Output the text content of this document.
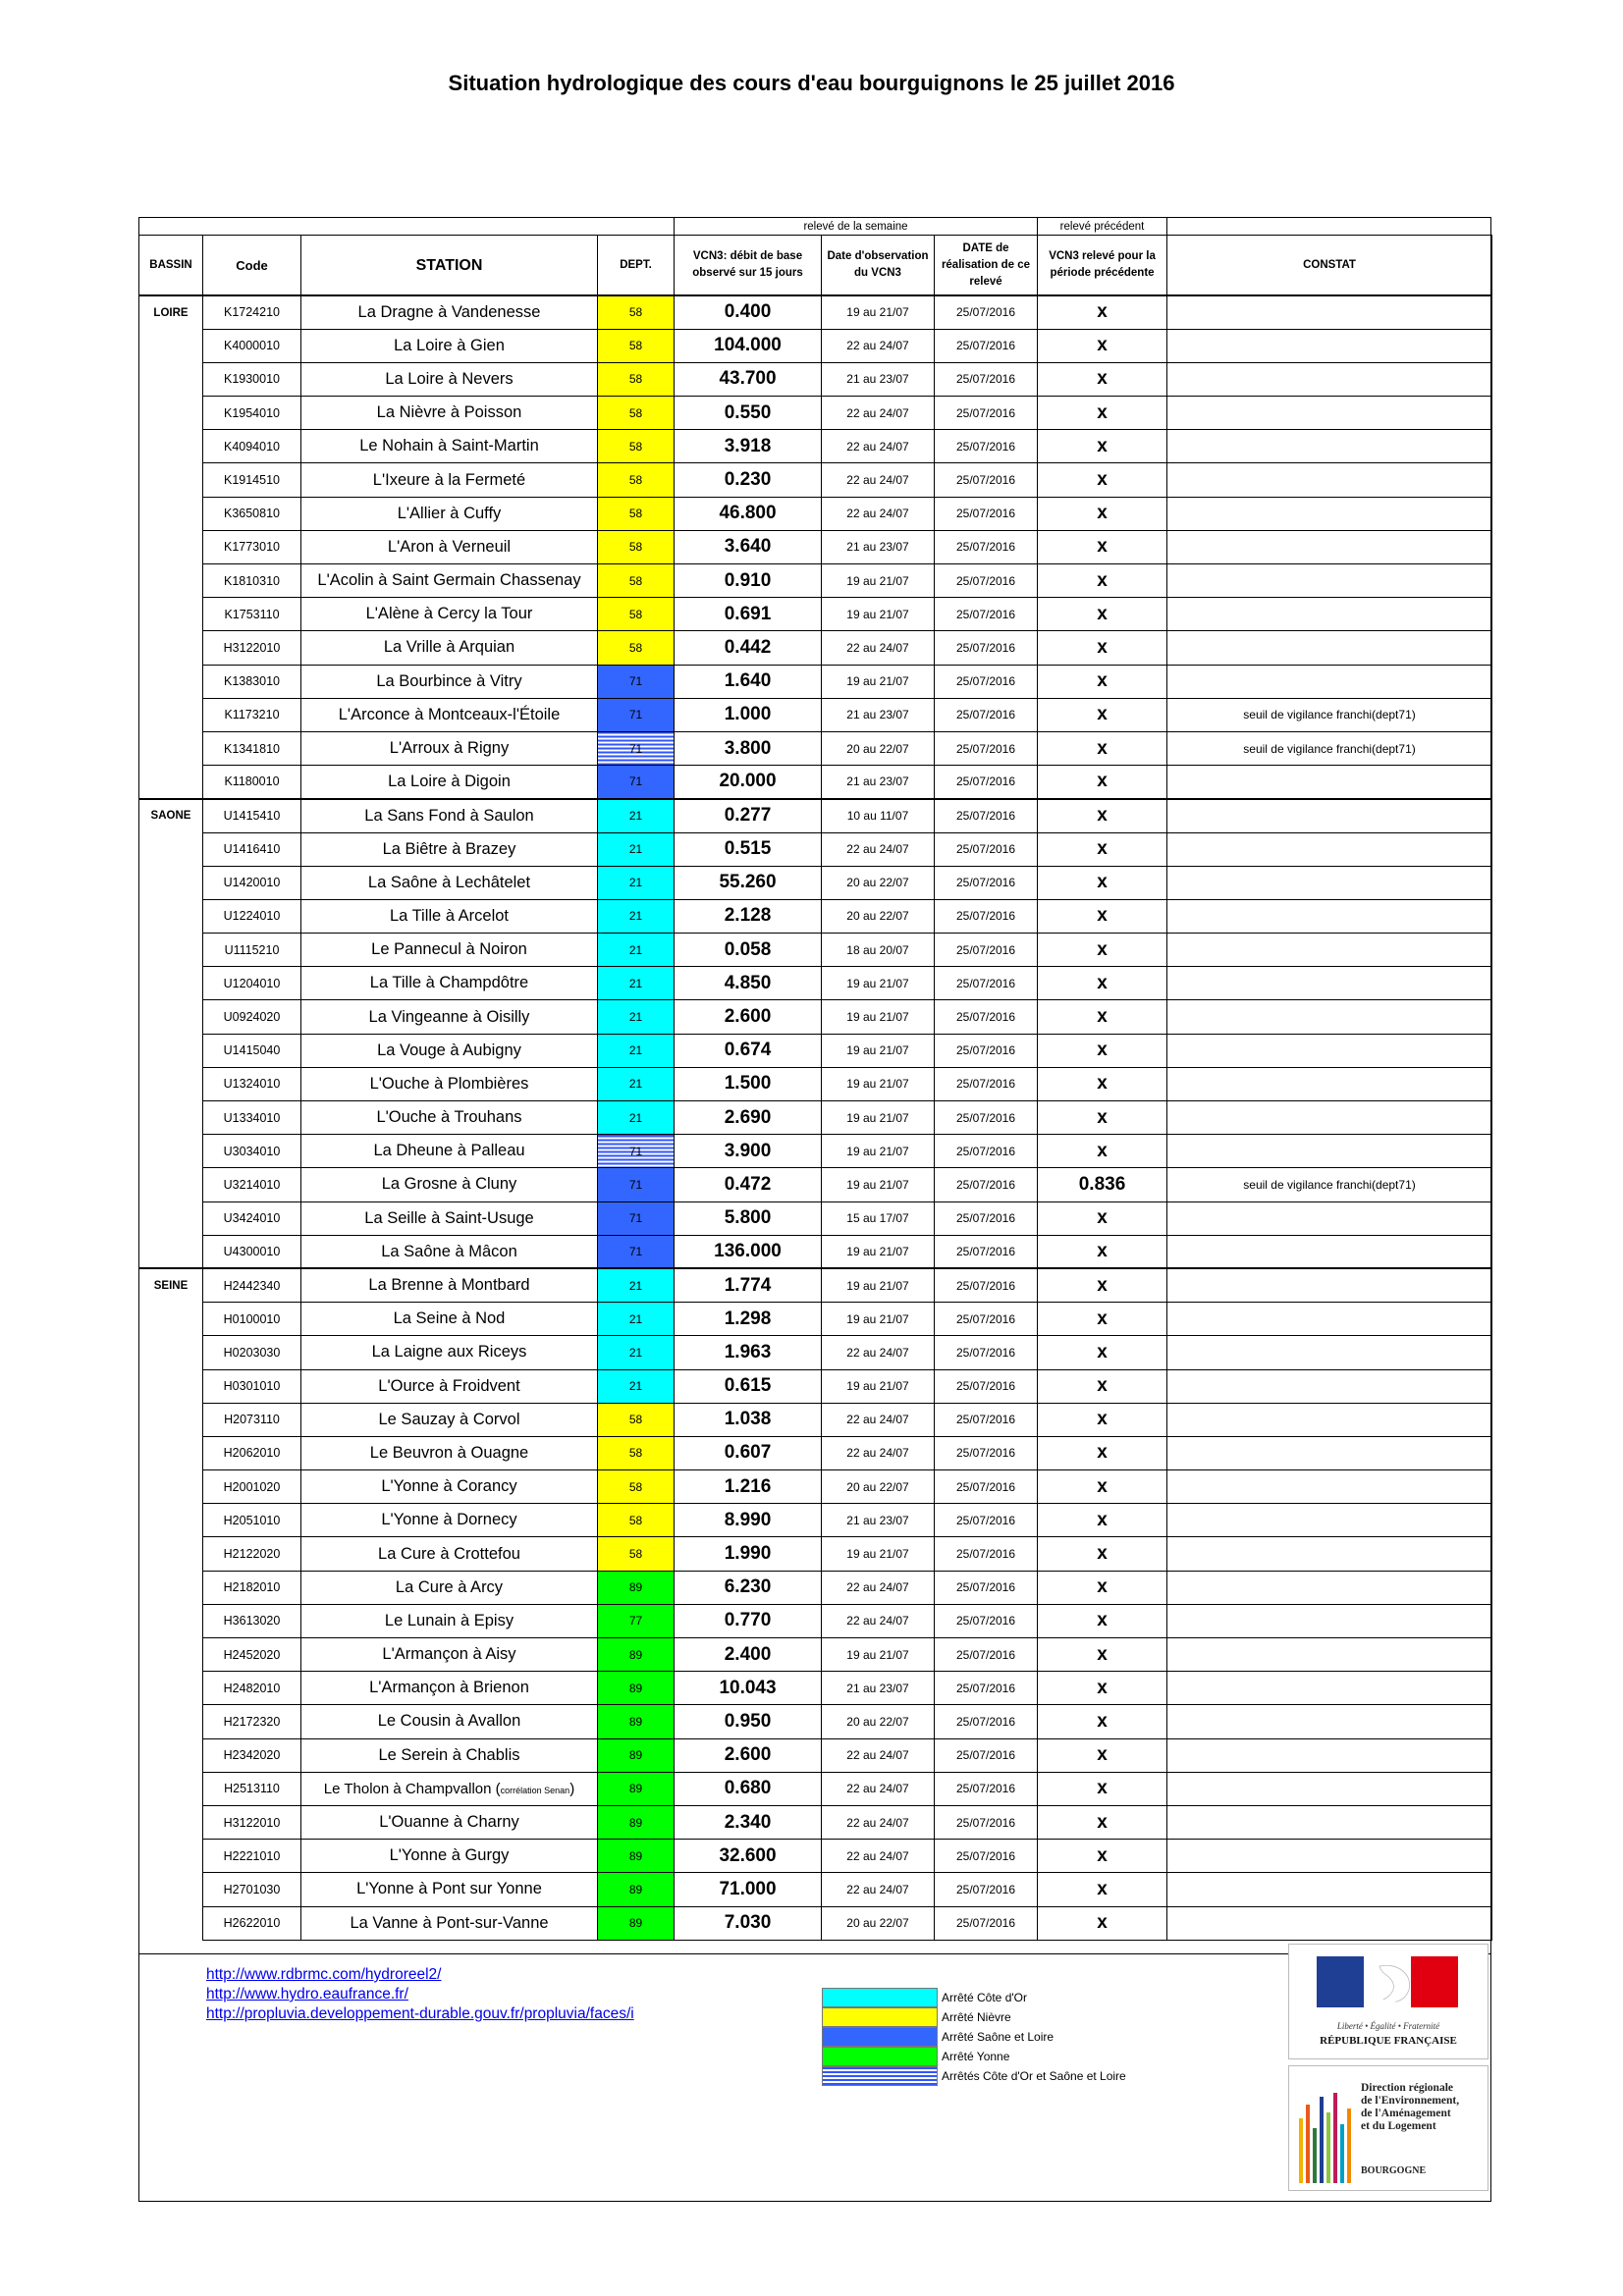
Situation hydrologique des cours d'eau bourguignons le 25 juillet 2016
				relevé de la semaine			relevé précédent	
BASSIN	Code	STATION	DEPT.	VCN3: débit de base observé sur 15 jours	Date d'observation du VCN3	DATE de réalisation de ce relevé	VCN3 relevé pour la période précédente	CONSTAT
LOIRE	K1724210	La Dragne à Vandenesse	58	0.400	19 au 21/07	25/07/2016	x	
	K4000010	La Loire à Gien	58	104.000	22 au 24/07	25/07/2016	x	
	K1930010	La Loire à Nevers	58	43.700	21 au 23/07	25/07/2016	x	
	K1954010	La Nièvre à Poisson	58	0.550	22 au 24/07	25/07/2016	x	
	K4094010	Le Nohain à Saint-Martin	58	3.918	22 au 24/07	25/07/2016	x	
	K1914510	L'Ixeure à la Fermeté	58	0.230	22 au 24/07	25/07/2016	x	
	K3650810	L'Allier à Cuffy	58	46.800	22 au 24/07	25/07/2016	x	
	K1773010	L'Aron à Verneuil	58	3.640	21 au 23/07	25/07/2016	x	
	K1810310	L'Acolin à Saint Germain Chassenay	58	0.910	19 au 21/07	25/07/2016	x	
	K1753110	L'Alène à Cercy la Tour	58	0.691	19 au 21/07	25/07/2016	x	
	H3122010	La Vrille à Arquian	58	0.442	22 au 24/07	25/07/2016	x	
	K1383010	La Bourbince à Vitry	71	1.640	19 au 21/07	25/07/2016	x	
	K1173210	L'Arconce à Montceaux-l'Étoile	71	1.000	21 au 23/07	25/07/2016	x	seuil de vigilance franchi(dept71)
	K1341810	L'Arroux à Rigny	71	3.800	20 au 22/07	25/07/2016	x	seuil de vigilance franchi(dept71)
	K1180010	La Loire à Digoin	71	20.000	21 au 23/07	25/07/2016	x	
SAONE	U1415410	La Sans Fond à Saulon	21	0.277	10 au 11/07	25/07/2016	x	
	U1416410	La Biêtre à Brazey	21	0.515	22 au 24/07	25/07/2016	x	
	U1420010	La Saône à Lechâtelet	21	55.260	20 au 22/07	25/07/2016	x	
	U1224010	La Tille à Arcelot	21	2.128	20 au 22/07	25/07/2016	x	
	U1115210	Le Pannecul à Noiron	21	0.058	18 au 20/07	25/07/2016	x	
	U1204010	La Tille à Champdôtre	21	4.850	19 au 21/07	25/07/2016	x	
	U0924020	La Vingeanne à Oisilly	21	2.600	19 au 21/07	25/07/2016	x	
	U1415040	La Vouge à Aubigny	21	0.674	19 au 21/07	25/07/2016	x	
	U1324010	L'Ouche à Plombières	21	1.500	19 au 21/07	25/07/2016	x	
	U1334010	L'Ouche à Trouhans	21	2.690	19 au 21/07	25/07/2016	x	
	U3034010	La Dheune à Palleau	71	3.900	19 au 21/07	25/07/2016	x	
	U3214010	La Grosne à Cluny	71	0.472	19 au 21/07	25/07/2016	0.836	seuil de vigilance franchi(dept71)
	U3424010	La Seille à Saint-Usuge	71	5.800	15 au 17/07	25/07/2016	x	
	U4300010	La Saône à Mâcon	71	136.000	19 au 21/07	25/07/2016	x	
SEINE	H2442340	La Brenne à Montbard	21	1.774	19 au 21/07	25/07/2016	x	
	H0100010	La Seine à Nod	21	1.298	19 au 21/07	25/07/2016	x	
	H0203030	La Laigne aux Riceys	21	1.963	22 au 24/07	25/07/2016	x	
	H0301010	L'Ource à Froidvent	21	0.615	19 au 21/07	25/07/2016	x	
	H2073110	Le Sauzay à Corvol	58	1.038	22 au 24/07	25/07/2016	x	
	H2062010	Le Beuvron à Ouagne	58	0.607	22 au 24/07	25/07/2016	x	
	H2001020	L'Yonne à Corancy	58	1.216	20 au 22/07	25/07/2016	x	
	H2051010	L'Yonne à Dornecy	58	8.990	21 au 23/07	25/07/2016	x	
	H2122020	La Cure à Crottefou	58	1.990	19 au 21/07	25/07/2016	x	
	H2182010	La Cure à Arcy	89	6.230	22 au 24/07	25/07/2016	x	
	H3613020	Le Lunain à Episy	77	0.770	22 au 24/07	25/07/2016	x	
	H2452020	L'Armançon à Aisy	89	2.400	19 au 21/07	25/07/2016	x	
	H2482010	L'Armançon à Brienon	89	10.043	21 au 23/07	25/07/2016	x	
	H2172320	Le Cousin à Avallon	89	0.950	20 au 22/07	25/07/2016	x	
	H2342020	Le Serein à Chablis	89	2.600	22 au 24/07	25/07/2016	x	
	H2513110	Le Tholon à Champvallon (corrélation Senan)	89	0.680	22 au 24/07	25/07/2016	x	
	H3122010	L'Ouanne à Charny	89	2.340	22 au 24/07	25/07/2016	x	
	H2221010	L'Yonne à Gurgy	89	32.600	22 au 24/07	25/07/2016	x	
	H2701030	L'Yonne à Pont sur Yonne	89	71.000	22 au 24/07	25/07/2016	x	
	H2622010	La Vanne à Pont-sur-Vanne	89	7.030	20 au 22/07	25/07/2016	x	
http://www.rdbrmc.com/hydroreel2/
http://www.hydro.eaufrance.fr/
http://propluvia.developpement-durable.gouv.fr/propluvia/faces/i
Arrêté Côte d'Or
Arrêté Nièvre
Arrêté Saône et Loire
Arrêté Yonne
Arrêtés Côte d'Or et Saône et Loire
Liberté • Égalité • Fraternité
RÉPUBLIQUE FRANÇAISE
Direction régionale
de l'Environnement,
de l'Aménagement
et du Logement
BOURGOGNE
